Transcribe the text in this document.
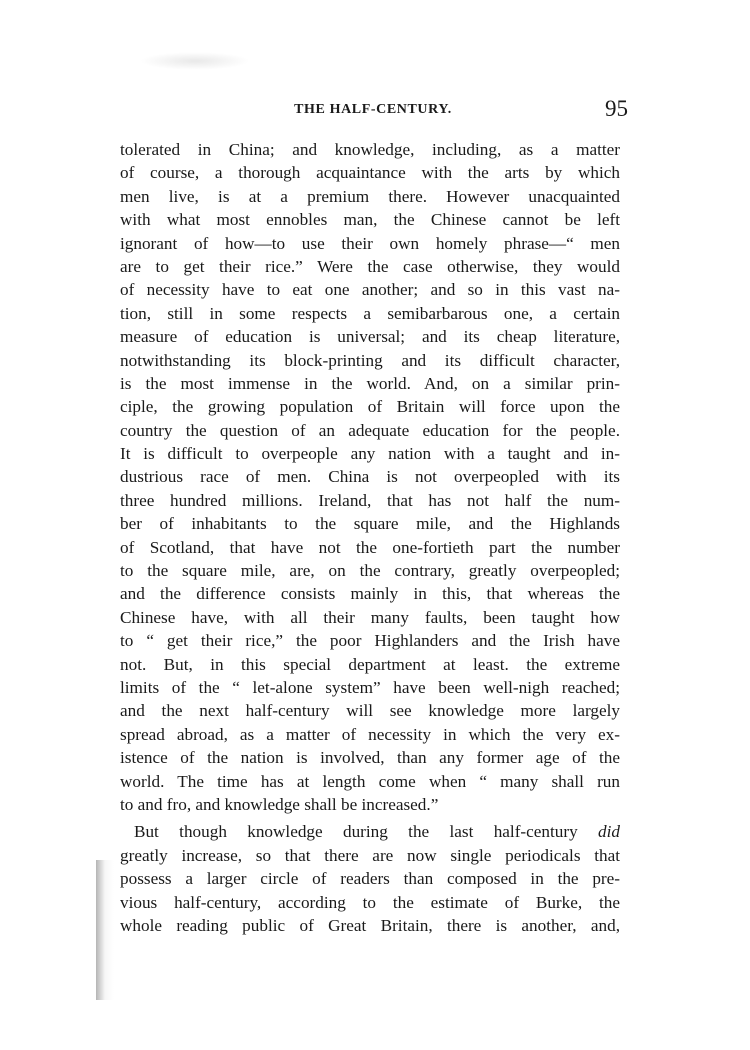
THE HALF-CENTURY.	95
tolerated in China; and knowledge, including, as a matter
of course, a thorough acquaintance with the arts by which
men live, is at a premium there. However unacquainted
with what most ennobles man, the Chinese cannot be left
ignorant of how—to use their own homely phrase—“ men
are to get their rice.” Were the case otherwise, they would
of necessity have to eat one another; and so in this vast na-
tion, still in some respects a semibarbarous one, a certain
measure of education is universal; and its cheap literature,
notwithstanding its block-printing and its difficult character,
is the most immense in the world. And, on a similar prin-
ciple, the growing population of Britain will force upon the
country the question of an adequate education for the people.
It is difficult to overpeople any nation with a taught and in-
dustrious race of men. China is not overpeopled with its
three hundred millions. Ireland, that has not half the num-
ber of inhabitants to the square mile, and the Highlands
of Scotland, that have not the one-fortieth part the number
to the square mile, are, on the contrary, greatly overpeopled;
and the difference consists mainly in this, that whereas the
Chinese have, with all their many faults, been taught how
to “ get their rice,” the poor Highlanders and the Irish have
not. But, in this special department at least. the extreme
limits of the “ let-alone system” have been well-nigh reached;
and the next half-century will see knowledge more largely
spread abroad, as a matter of necessity in which the very ex-
istence of the nation is involved, than any former age of the
world. The time has at length come when “ many shall run
to and fro, and knowledge shall be increased.”
But though knowledge during the last half-century did
greatly increase, so that there are now single periodicals that
possess a larger circle of readers than composed in the pre-
vious half-century, according to the estimate of Burke, the
whole reading public of Great Britain, there is another, and,
